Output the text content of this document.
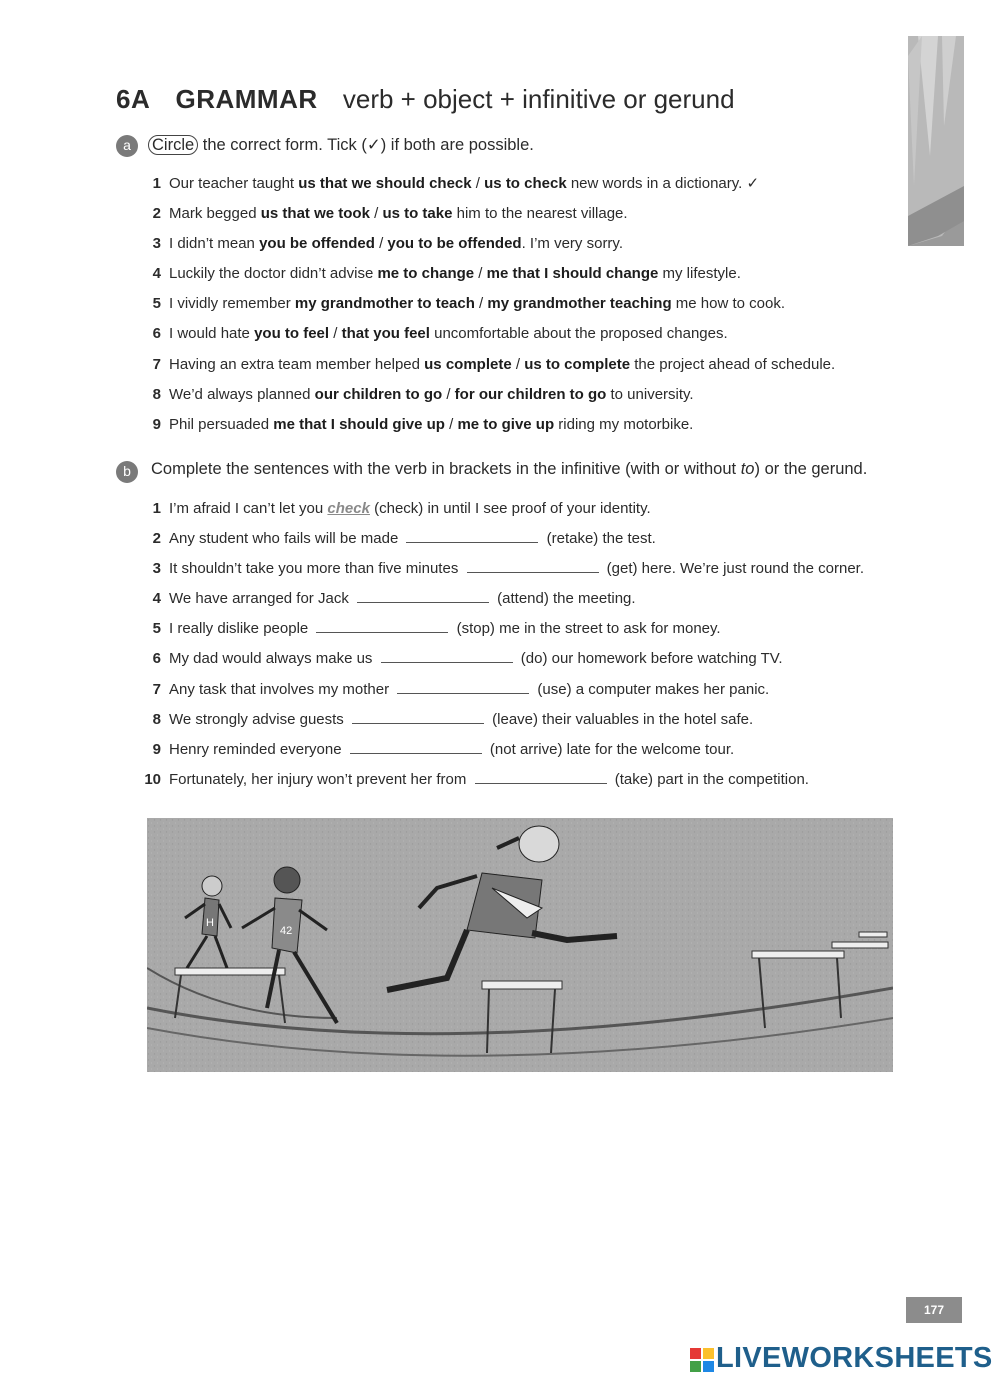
6A GRAMMAR verb + object + infinitive or gerund
a	Circle the correct form. Tick (✓) if both are possible.
1 Our teacher taught us that we should check / us to check new words in a dictionary. ✓
2 Mark begged us that we took / us to take him to the nearest village.
3 I didn’t mean you be offended / you to be offended. I’m very sorry.
4 Luckily the doctor didn’t advise me to change / me that I should change my lifestyle.
5 I vividly remember my grandmother to teach / my grandmother teaching me how to cook.
6 I would hate you to feel / that you feel uncomfortable about the proposed changes.
7 Having an extra team member helped us complete / us to complete the project ahead of schedule.
8 We’d always planned our children to go / for our children to go to university.
9 Phil persuaded me that I should give up / me to give up riding my motorbike.
b	Complete the sentences with the verb in brackets in the infinitive (with or without to) or the gerund.
1 I’m afraid I can’t let you check (check) in until I see proof of your identity.
2 Any student who fails will be made	(retake) the test.
3 It shouldn’t take you more than five minutes	(get) here. We’re just round the corner.
4 We have arranged for Jack	(attend) the meeting.
5 I really dislike people	(stop) me in the street to ask for money.
6 My dad would always make us	(do) our homework before watching TV.
7 Any task that involves my mother	(use) a computer makes her panic.
8 We strongly advise guests	(leave) their valuables in the hotel safe.
9 Henry reminded everyone	(not arrive) late for the welcome tour.
10 Fortunately, her injury won’t prevent her from	(take) part in the competition.
H
42
177
LIVEWORKSHEETS
